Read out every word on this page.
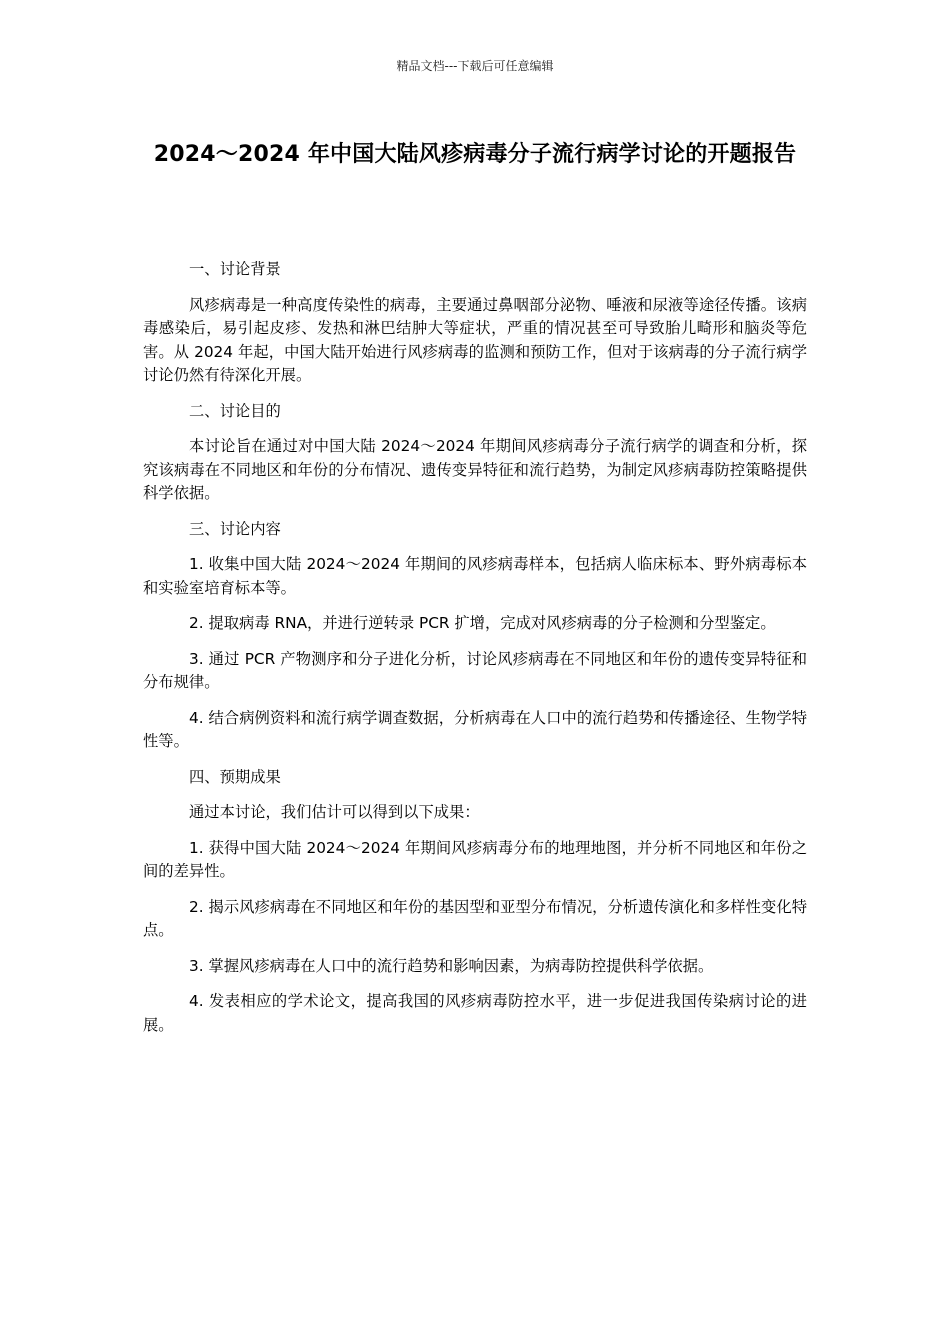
精品文档---下载后可任意编辑
2024～2024 年中国大陆风疹病毒分子流行病学讨论的开题报告
一、讨论背景

风疹病毒是一种高度传染性的病毒，主要通过鼻咽部分泌物、唾液和尿液等途径传播。该病毒感染后，易引起皮疹、发热和淋巴结肿大等症状，严重的情况甚至可导致胎儿畸形和脑炎等危害。从 2024 年起，中国大陆开始进行风疹病毒的监测和预防工作，但对于该病毒的分子流行病学讨论仍然有待深化开展。

二、讨论目的

本讨论旨在通过对中国大陆 2024～2024 年期间风疹病毒分子流行病学的调查和分析，探究该病毒在不同地区和年份的分布情况、遗传变异特征和流行趋势，为制定风疹病毒防控策略提供科学依据。

三、讨论内容

1. 收集中国大陆 2024～2024 年期间的风疹病毒样本，包括病人临床标本、野外病毒标本和实验室培育标本等。

2. 提取病毒 RNA，并进行逆转录 PCR 扩增，完成对风疹病毒的分子检测和分型鉴定。

3. 通过 PCR 产物测序和分子进化分析，讨论风疹病毒在不同地区和年份的遗传变异特征和分布规律。

4. 结合病例资料和流行病学调查数据，分析病毒在人口中的流行趋势和传播途径、生物学特性等。

四、预期成果

通过本讨论，我们估计可以得到以下成果：

1. 获得中国大陆 2024～2024 年期间风疹病毒分布的地理地图，并分析不同地区和年份之间的差异性。

2. 揭示风疹病毒在不同地区和年份的基因型和亚型分布情况，分析遗传演化和多样性变化特点。

3. 掌握风疹病毒在人口中的流行趋势和影响因素，为病毒防控提供科学依据。

4. 发表相应的学术论文，提高我国的风疹病毒防控水平，进一步促进我国传染病讨论的进展。
